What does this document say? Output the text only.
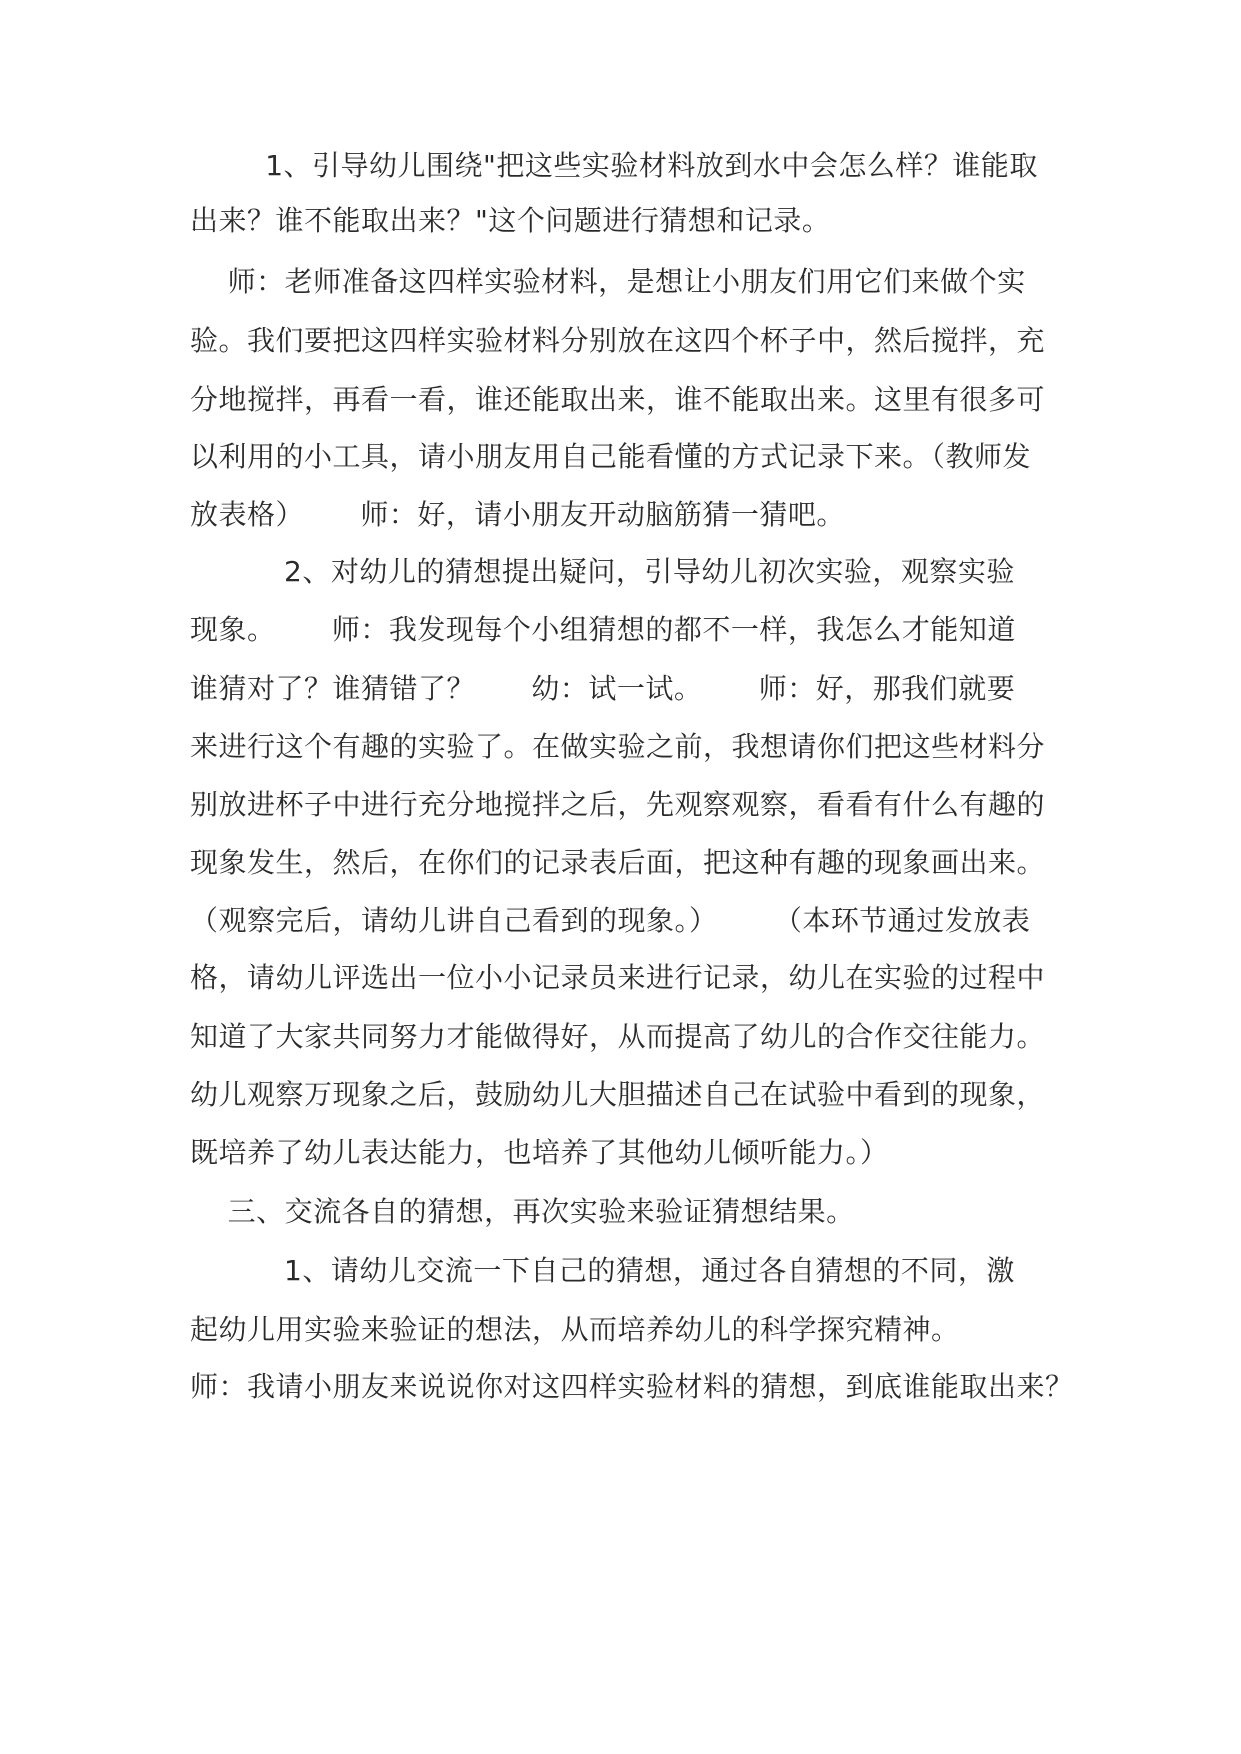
1、引导幼儿围绕"把这些实验材料放到水中会怎么样？谁能取
出来？谁不能取出来？"这个问题进行猜想和记录。
师：老师准备这四样实验材料，是想让小朋友们用它们来做个实
验。我们要把这四样实验材料分别放在这四个杯子中，然后搅拌，充
分地搅拌，再看一看，谁还能取出来，谁不能取出来。这里有很多可
以利用的小工具，请小朋友用自己能看懂的方式记录下来。（教师发
放表格）      师：好，请小朋友开动脑筋猜一猜吧。
2、对幼儿的猜想提出疑问，引导幼儿初次实验，观察实验
现象。      师：我发现每个小组猜想的都不一样，我怎么才能知道
谁猜对了？谁猜错了？      幼：试一试。      师：好，那我们就要
来进行这个有趣的实验了。在做实验之前，我想请你们把这些材料分
别放进杯子中进行充分地搅拌之后，先观察观察，看看有什么有趣的
现象发生，然后，在你们的记录表后面，把这种有趣的现象画出来。
（观察完后，请幼儿讲自己看到的现象。）      （本环节通过发放表
格，请幼儿评选出一位小小记录员来进行记录，幼儿在实验的过程中
知道了大家共同努力才能做得好，从而提高了幼儿的合作交往能力。
幼儿观察万现象之后，鼓励幼儿大胆描述自己在试验中看到的现象，
既培养了幼儿表达能力，也培养了其他幼儿倾听能力。）
三、交流各自的猜想，再次实验来验证猜想结果。
1、请幼儿交流一下自己的猜想，通过各自猜想的不同，激
起幼儿用实验来验证的想法，从而培养幼儿的科学探究精神。
师：我请小朋友来说说你对这四样实验材料的猜想，到底谁能取出来？
